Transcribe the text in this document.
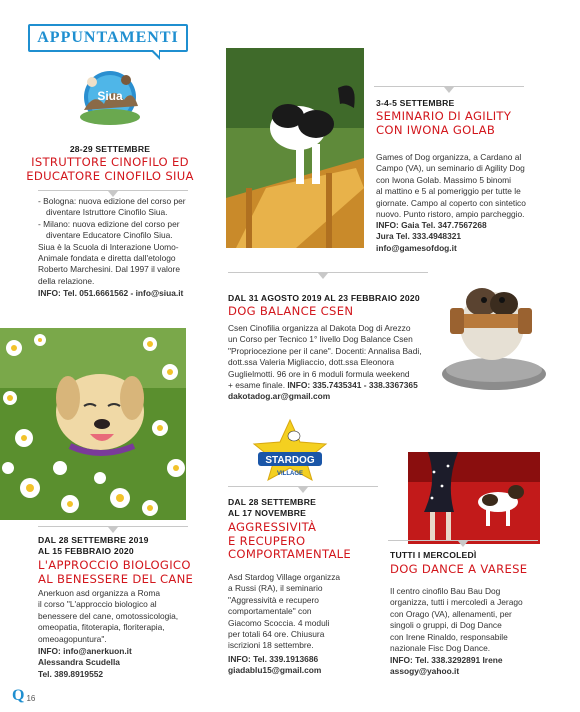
APPUNTAMENTI
Siua
28-29 SETTEMBRE
ISTRUTTORE CINOFILO ED
EDUCATORE CINOFILO SIUA
- Bologna: nuova edizione del corso per
diventare Istruttore Cinofilo Siua.
- Milano: nuova edizione del corso per
diventare Educatore Cinofilo Siua.
Siua è la Scuola di Interazione Uomo-
Animale fondata e diretta dall'etologo
Roberto Marchesini. Dal 1997 il valore
della relazione.
INFO: Tel. 051.6661562 - info@siua.it
3-4-5 SETTEMBRE
SEMINARIO DI AGILITY
CON IWONA GOLAB
Games of Dog organizza, a Cardano al
Campo (VA), un seminario di Agility Dog
con Iwona Golab. Massimo 5 binomi
al mattino e 5 al pomeriggio per tutte le
giornate. Campo al coperto con sintetico
nuovo. Punto ristoro, ampio parcheggio.
INFO: Gaia Tel. 347.7567268
Jura Tel. 333.4948321
info@gamesofdog.it
DAL 31 AGOSTO 2019 AL 23 FEBBRAIO 2020
DOG BALANCE CSEN
Csen Cinofilia organizza al Dakota Dog di Arezzo
un Corso per Tecnico 1° livello Dog Balance Csen
"Propriocezione per il cane". Docenti: Annalisa Badi,
dott.ssa Valeria Migliaccio, dott.ssa Eleonora
Guglielmotti. 96 ore in 6 moduli formula weekend
+ esame finale. INFO: 335.7435341 - 338.3367365
dakotadog.ar@gmail.com
STARDOG
VILLAGE
DAL 28 SETTEMBRE
AL 17 NOVEMBRE
AGGRESSIVITÀ
E RECUPERO
COMPORTAMENTALE
Asd Stardog Village organizza
a Russi (RA), il seminario
"Aggressività e recupero
comportamentale" con
Giacomo Scoccia. 4 moduli
per totali 64 ore. Chiusura
iscrizioni 18 settembre.
INFO: Tel. 339.1913686
giadablu15@gmail.com
DAL 28 SETTEMBRE 2019
AL 15 FEBBRAIO 2020
L'APPROCCIO BIOLOGICO
AL BENESSERE DEL CANE
Anerkuon asd organizza a Roma
il corso "L'approccio biologico al
benessere del cane, omotossicologia,
omeopatia, fitoterapia, floriterapia,
omeoagopuntura".
INFO: info@anerkuon.it
Alessandra Scudella
Tel. 389.8919552
TUTTI I MERCOLEDÌ
DOG DANCE A VARESE
Il centro cinofilo Bau Bau Dog
organizza, tutti i mercoledì a Jerago
con Orago (VA), allenamenti, per
singoli o gruppi, di Dog Dance
con Irene Rinaldo, responsabile
nazionale Fisc Dog Dance.
INFO: Tel. 338.3292891 Irene
assogy@yahoo.it
Q 16
